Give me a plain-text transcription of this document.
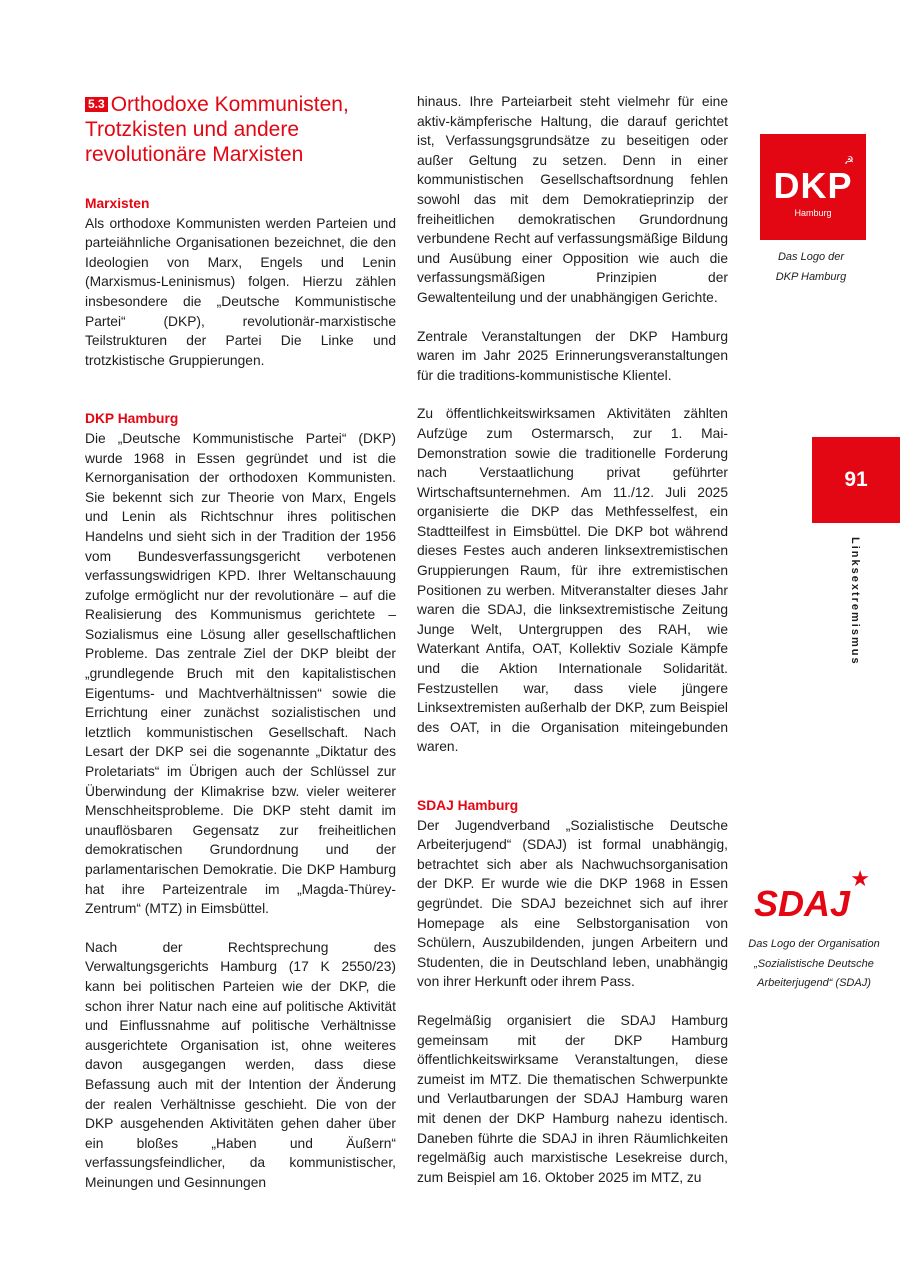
5.3 Orthodoxe Kommunisten, Trotzkisten und andere revolutionäre Marxisten
Marxisten

Als orthodoxe Kommunisten werden Parteien und parteiähnliche Organisationen bezeichnet, die den Ideologien von Marx, Engels und Lenin (Marxismus-Leninismus) folgen. Hierzu zählen insbesondere die „Deutsche Kommunistische Partei“ (DKP), revolutionär-marxistische Teilstrukturen der Partei Die Linke und trotzkistische Gruppierungen.

DKP Hamburg

Die „Deutsche Kommunistische Partei“ (DKP) wurde 1968 in Essen gegründet und ist die Kernorganisation der orthodoxen Kommunisten. Sie bekennt sich zur Theorie von Marx, Engels und Lenin als Richtschnur ihres politischen Handelns und sieht sich in der Tradition der 1956 vom Bundesverfassungsgericht verbotenen verfassungswidrigen KPD. Ihrer Weltanschauung zufolge ermöglicht nur der revolutionäre – auf die Realisierung des Kommunismus gerichtete – Sozialismus eine Lösung aller gesellschaftlichen Probleme. Das zentrale Ziel der DKP bleibt der „grundlegende Bruch mit den kapitalistischen Eigentums- und Machtverhältnissen“ sowie die Errichtung einer zunächst sozialistischen und letztlich kommunistischen Gesellschaft. Nach Lesart der DKP sei die sogenannte „Diktatur des Proletariats“ im Übrigen auch der Schlüssel zur Überwindung der Klimakrise bzw. vieler weiterer Menschheitsprobleme. Die DKP steht damit im unauflösbaren Gegensatz zur freiheitlichen demokratischen Grundordnung und der parlamentarischen Demokratie. Die DKP Hamburg hat ihre Parteizentrale im „Magda-Thürey-Zentrum“ (MTZ) in Eimsbüttel.

Nach der Rechtsprechung des Verwaltungsgerichts Hamburg (17 K 2550/23) kann bei politischen Parteien wie der DKP, die schon ihrer Natur nach eine auf politische Aktivität und Einflussnahme auf politische Verhältnisse ausgerichtete Organisation ist, ohne weiteres davon ausgegangen werden, dass diese Befassung auch mit der Intention der Änderung der realen Verhältnisse geschieht. Die von der DKP ausgehenden Aktivitäten gehen daher über ein bloßes „Haben und Äußern“ verfassungsfeindlicher, da kommunistischer, Meinungen und Gesinnungen

hinaus. Ihre Parteiarbeit steht vielmehr für eine aktiv-kämpferische Haltung, die darauf gerichtet ist, Verfassungsgrundsätze zu beseitigen oder außer Geltung zu setzen. Denn in einer kommunistischen Gesellschaftsordnung fehlen sowohl das mit dem Demokratieprinzip der freiheitlichen demokratischen Grundordnung verbundene Recht auf verfassungsmäßige Bildung und Ausübung einer Opposition wie auch die verfassungsmäßigen Prinzipien der Gewaltenteilung und der unabhängigen Gerichte.

Zentrale Veranstaltungen der DKP Hamburg waren im Jahr 2025 Erinnerungsveranstaltungen für die traditions-kommunistische Klientel.

Zu öffentlichkeitswirksamen Aktivitäten zählten Aufzüge zum Ostermarsch, zur 1. Mai-Demonstration sowie die traditionelle Forderung nach Verstaatlichung privat geführter Wirtschaftsunternehmen. Am 11./12. Juli 2025 organisierte die DKP das Methfesselfest, ein Stadtteilfest in Eimsbüttel. Die DKP bot während dieses Festes auch anderen linksextremistischen Gruppierungen Raum, für ihre extremistischen Positionen zu werben. Mitveranstalter dieses Jahr waren die SDAJ, die linksextremistische Zeitung Junge Welt, Untergruppen des RAH, wie Waterkant Antifa, OAT, Kollektiv Soziale Kämpfe und die Aktion Internationale Solidarität. Festzustellen war, dass viele jüngere Linksextremisten außerhalb der DKP, zum Beispiel des OAT, in die Organisation miteingebunden waren.

SDAJ Hamburg

Der Jugendverband „Sozialistische Deutsche Arbeiterjugend“ (SDAJ) ist formal unabhängig, betrachtet sich aber als Nachwuchsorganisation der DKP. Er wurde wie die DKP 1968 in Essen gegründet. Die SDAJ bezeichnet sich auf ihrer Homepage als eine Selbstorganisation von Schülern, Auszubildenden, jungen Arbeitern und Studenten, die in Deutschland leben, unabhängig von ihrer Herkunft oder ihrem Pass.

Regelmäßig organisiert die SDAJ Hamburg gemeinsam mit der DKP Hamburg öffentlichkeitswirksame Veranstaltungen, diese zumeist im MTZ. Die thematischen Schwerpunkte und Verlautbarungen der SDAJ Hamburg waren mit denen der DKP Hamburg nahezu identisch. Daneben führte die SDAJ in ihren Räumlichkeiten regelmäßig auch marxistische Lesekreise durch, zum Beispiel am 16. Oktober 2025 im MTZ, zu

☭
DKP
Hamburg
Das Logo der
DKP Hamburg
91
Linksextremismus
★
SDAJ
Das Logo der Organisation
„Sozialistische Deutsche
Arbeiterjugend“ (SDAJ)
